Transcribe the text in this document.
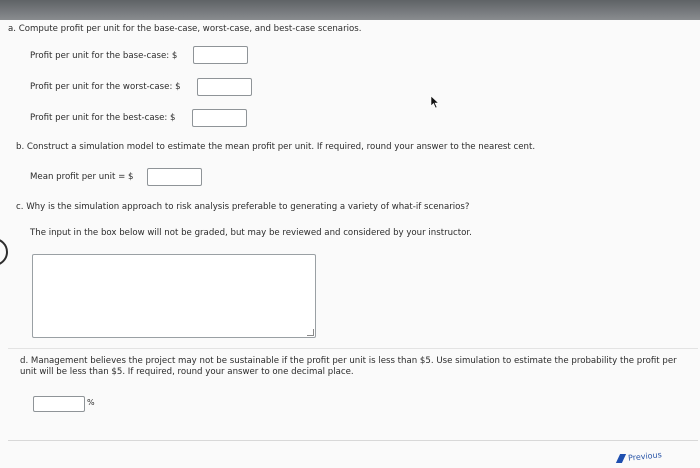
a. Compute profit per unit for the base-case, worst-case, and best-case scenarios.
Profit per unit for the base-case: $
Profit per unit for the worst-case: $
Profit per unit for the best-case: $
b. Construct a simulation model to estimate the mean profit per unit. If required, round your answer to the nearest cent.
Mean profit per unit = $
c. Why is the simulation approach to risk analysis preferable to generating a variety of what-if scenarios?
The input in the box below will not be graded, but may be reviewed and considered by your instructor.
d. Management believes the project may not be sustainable if the profit per unit is less than $5. Use simulation to estimate the probability the profit per unit will be less than $5. If required, round your answer to one decimal place.
%
Previous
